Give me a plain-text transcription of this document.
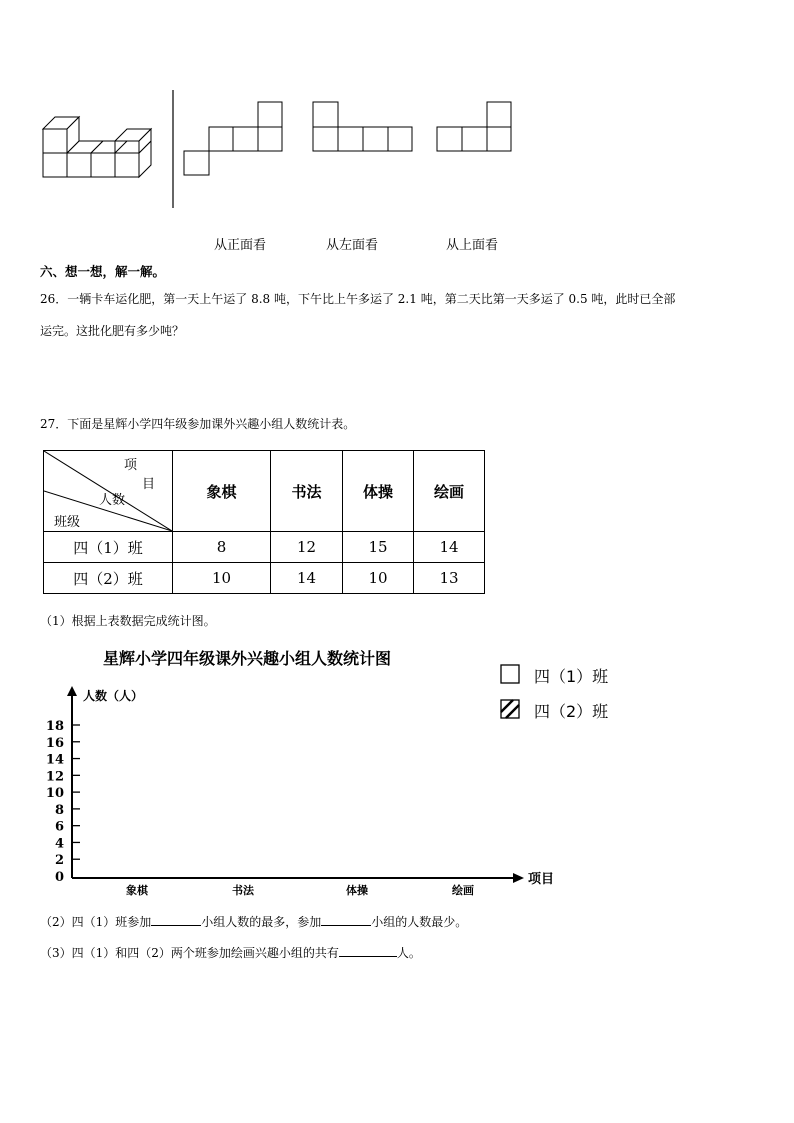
从正面看	从左面看	从上面看
六、想一想，解一解。
26．一辆卡车运化肥，第一天上午运了 8.8 吨，下午比上午多运了 2.1 吨，第二天比第一天多运了 0.5 吨，此时已全部
运完。这批化肥有多少吨？
27．下面是星辉小学四年级参加课外兴趣小组人数统计表。
项
目
人数
班级	象棋	书法	体操	绘画
四（1）班	8	12	15	14
四（2）班	10	14	10	13
（1）根据上表数据完成统计图。
星辉小学四年级课外兴趣小组人数统计图
四（1）班
四（2）班
人数（人）
项目
0
2
4
6
8
10
12
14
16
18
象棋	书法	体操	绘画
（2）四（1）班参加	小组人数的最多，参加	小组的人数最少。
（3）四（1）和四（2）两个班参加绘画兴趣小组的共有	人。
